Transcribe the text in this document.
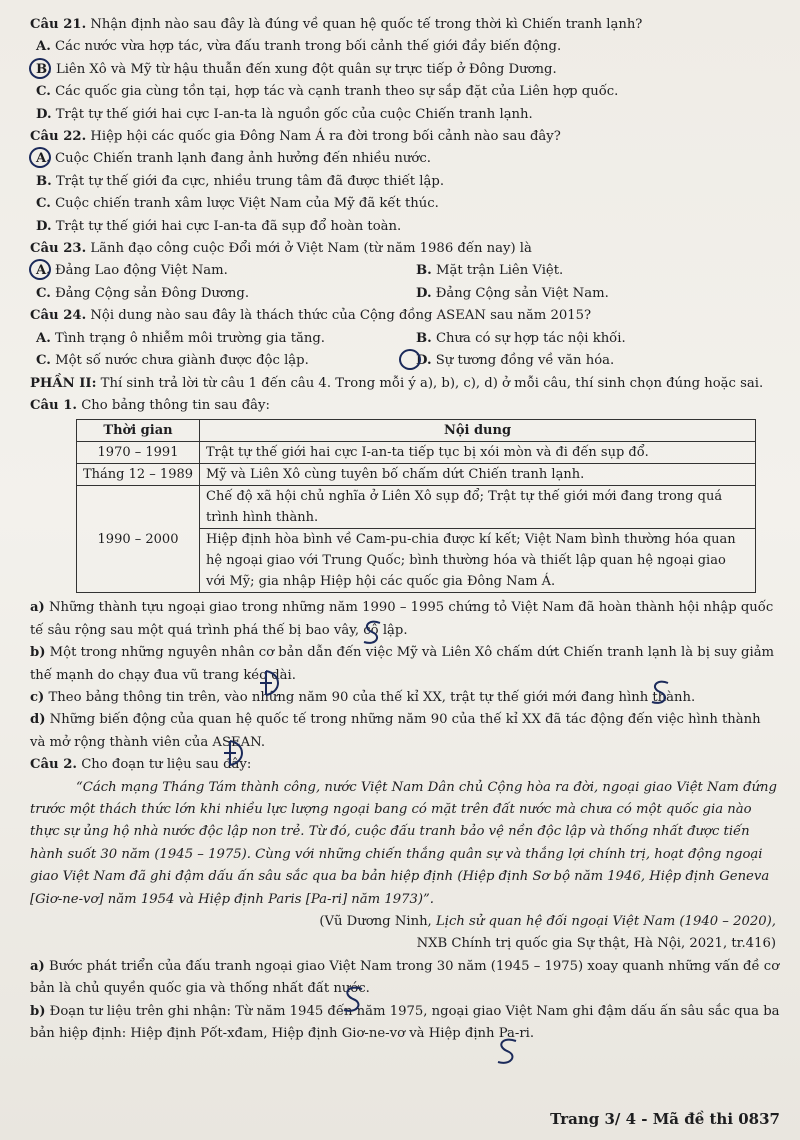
Câu 21. Nhận định nào sau đây là đúng về quan hệ quốc tế trong thời kì Chiến tranh lạnh?

A. Các nước vừa hợp tác, vừa đấu tranh trong bối cảnh thế giới đầy biến động.

B. Liên Xô và Mỹ từ hậu thuẫn đến xung đột quân sự trực tiếp ở Đông Dương.

C. Các quốc gia cùng tồn tại, hợp tác và cạnh tranh theo sự sắp đặt của Liên hợp quốc.

D. Trật tự thế giới hai cực I-an-ta là nguồn gốc của cuộc Chiến tranh lạnh.

Câu 22. Hiệp hội các quốc gia Đông Nam Á ra đời trong bối cảnh nào sau đây?

A. Cuộc Chiến tranh lạnh đang ảnh hưởng đến nhiều nước.

B. Trật tự thế giới đa cực, nhiều trung tâm đã được thiết lập.

C. Cuộc chiến tranh xâm lược Việt Nam của Mỹ đã kết thúc.

D. Trật tự thế giới hai cực I-an-ta đã sụp đổ hoàn toàn.

Câu 23. Lãnh đạo công cuộc Đổi mới ở Việt Nam (từ năm 1986 đến nay) là

A. Đảng Lao động Việt Nam.	B. Mặt trận Liên Việt.
C. Đảng Cộng sản Đông Dương.	D. Đảng Cộng sản Việt Nam.

Câu 24. Nội dung nào sau đây là thách thức của Cộng đồng ASEAN sau năm 2015?

A. Tình trạng ô nhiễm môi trường gia tăng.	B. Chưa có sự hợp tác nội khối.
C. Một số nước chưa giành được độc lập.	D. Sự tương đồng về văn hóa.

PHẦN II: Thí sinh trả lời từ câu 1 đến câu 4. Trong mỗi ý a), b), c), d) ở mỗi câu, thí sinh chọn đúng hoặc sai.

Câu 1. Cho bảng thông tin sau đây:

Thời gian	Nội dung
1970 – 1991	Trật tự thế giới hai cực I-an-ta tiếp tục bị xói mòn và đi đến sụp đổ.
Tháng 12 – 1989	Mỹ và Liên Xô cùng tuyên bố chấm dứt Chiến tranh lạnh.
1990 – 2000	Chế độ xã hội chủ nghĩa ở Liên Xô sụp đổ; Trật tự thế giới mới đang trong quá trình hình thành.
	Hiệp định hòa bình về Cam-pu-chia được kí kết; Việt Nam bình thường hóa quan hệ ngoại giao với Trung Quốc; bình thường hóa và thiết lập quan hệ ngoại giao với Mỹ; gia nhập Hiệp hội các quốc gia Đông Nam Á.

a) Những thành tựu ngoại giao trong những năm 1990 – 1995 chứng tỏ Việt Nam đã hoàn thành hội nhập quốc tế sâu rộng sau một quá trình phá thế bị bao vây, cô lập.

b) Một trong những nguyên nhân cơ bản dẫn đến việc Mỹ và Liên Xô chấm dứt Chiến tranh lạnh là bị suy giảm thế mạnh do chạy đua vũ trang kéo dài.

c) Theo bảng thông tin trên, vào những năm 90 của thế kỉ XX, trật tự thế giới mới đang hình thành.

d) Những biến động của quan hệ quốc tế trong những năm 90 của thế kỉ XX đã tác động đến việc hình thành và mở rộng thành viên của ASEAN.

Câu 2. Cho đoạn tư liệu sau đây:

“Cách mạng Tháng Tám thành công, nước Việt Nam Dân chủ Cộng hòa ra đời, ngoại giao Việt Nam đứng trước một thách thức lớn khi nhiều lực lượng ngoại bang có mặt trên đất nước mà chưa có một quốc gia nào thực sự ủng hộ nhà nước độc lập non trẻ. Từ đó, cuộc đấu tranh bảo vệ nền độc lập và thống nhất được tiến hành suốt 30 năm (1945 – 1975). Cùng với những chiến thắng quân sự và thắng lợi chính trị, hoạt động ngoại giao Việt Nam đã ghi đậm dấu ấn sâu sắc qua ba bản hiệp định (Hiệp định Sơ bộ năm 1946, Hiệp định Geneva [Giơ-ne-vơ] năm 1954 và Hiệp định Paris [Pa-ri] năm 1973)”.

(Vũ Dương Ninh, Lịch sử quan hệ đối ngoại Việt Nam (1940 – 2020),
NXB Chính trị quốc gia Sự thật, Hà Nội, 2021, tr.416)

a) Bước phát triển của đấu tranh ngoại giao Việt Nam trong 30 năm (1945 – 1975) xoay quanh những vấn đề cơ bản là chủ quyền quốc gia và thống nhất đất nước.

b) Đoạn tư liệu trên ghi nhận: Từ năm 1945 đến năm 1975, ngoại giao Việt Nam ghi đậm dấu ấn sâu sắc qua ba bản hiệp định: Hiệp định Pốt-xđam, Hiệp định Giơ-ne-vơ và Hiệp định Pa-ri.

Trang 3/ 4 - Mã đề thi 0837
